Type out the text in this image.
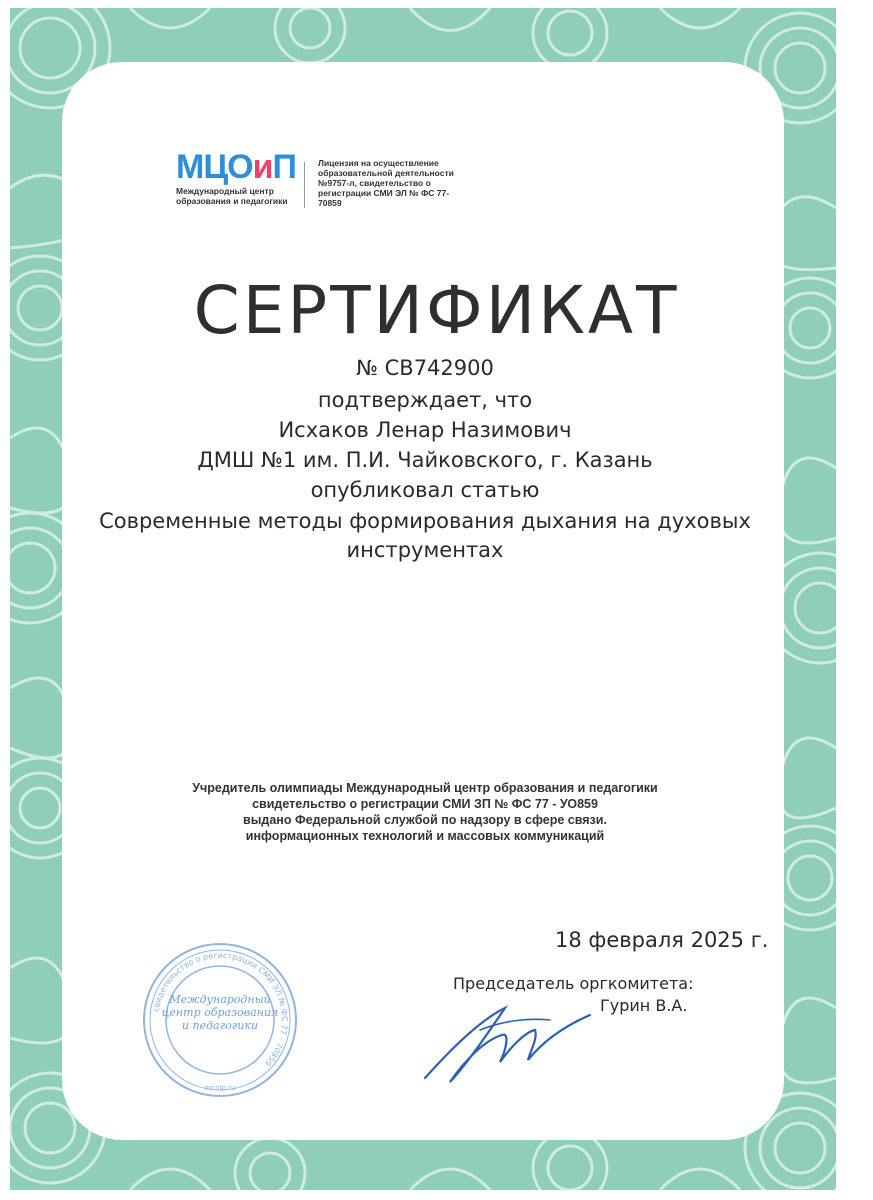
МЦОиП
Международный центр образования и педагогики
Лицензия на осуществление образовательной деятельности №9757-л, свидетельство о регистрации СМИ ЭЛ № ФС 77-70859
СЕРТИФИКАТ
№ СВ742900
подтверждает, что
Исхаков Ленар Назимович
ДМШ №1 им. П.И. Чайковского, г. Казань
опубликовал статью
Современные методы формирования дыхания на духовых
инструментах
Учредитель олимпиады Международный центр образования и педагогики
свидетельство о регистрации СМИ ЗП № ФС 77 - УО859
выдано Федеральной службой по надзору в сфере связи.
информационных технологий и массовых коммуникаций
18 февраля 2025 г.
свидетельство о регистрации СМИ ЭЛ № ФС 77 - 70859
mcoip.ru
Международный центр образования и педагогики
Председатель оргкомитета:
Гурин В.А.
